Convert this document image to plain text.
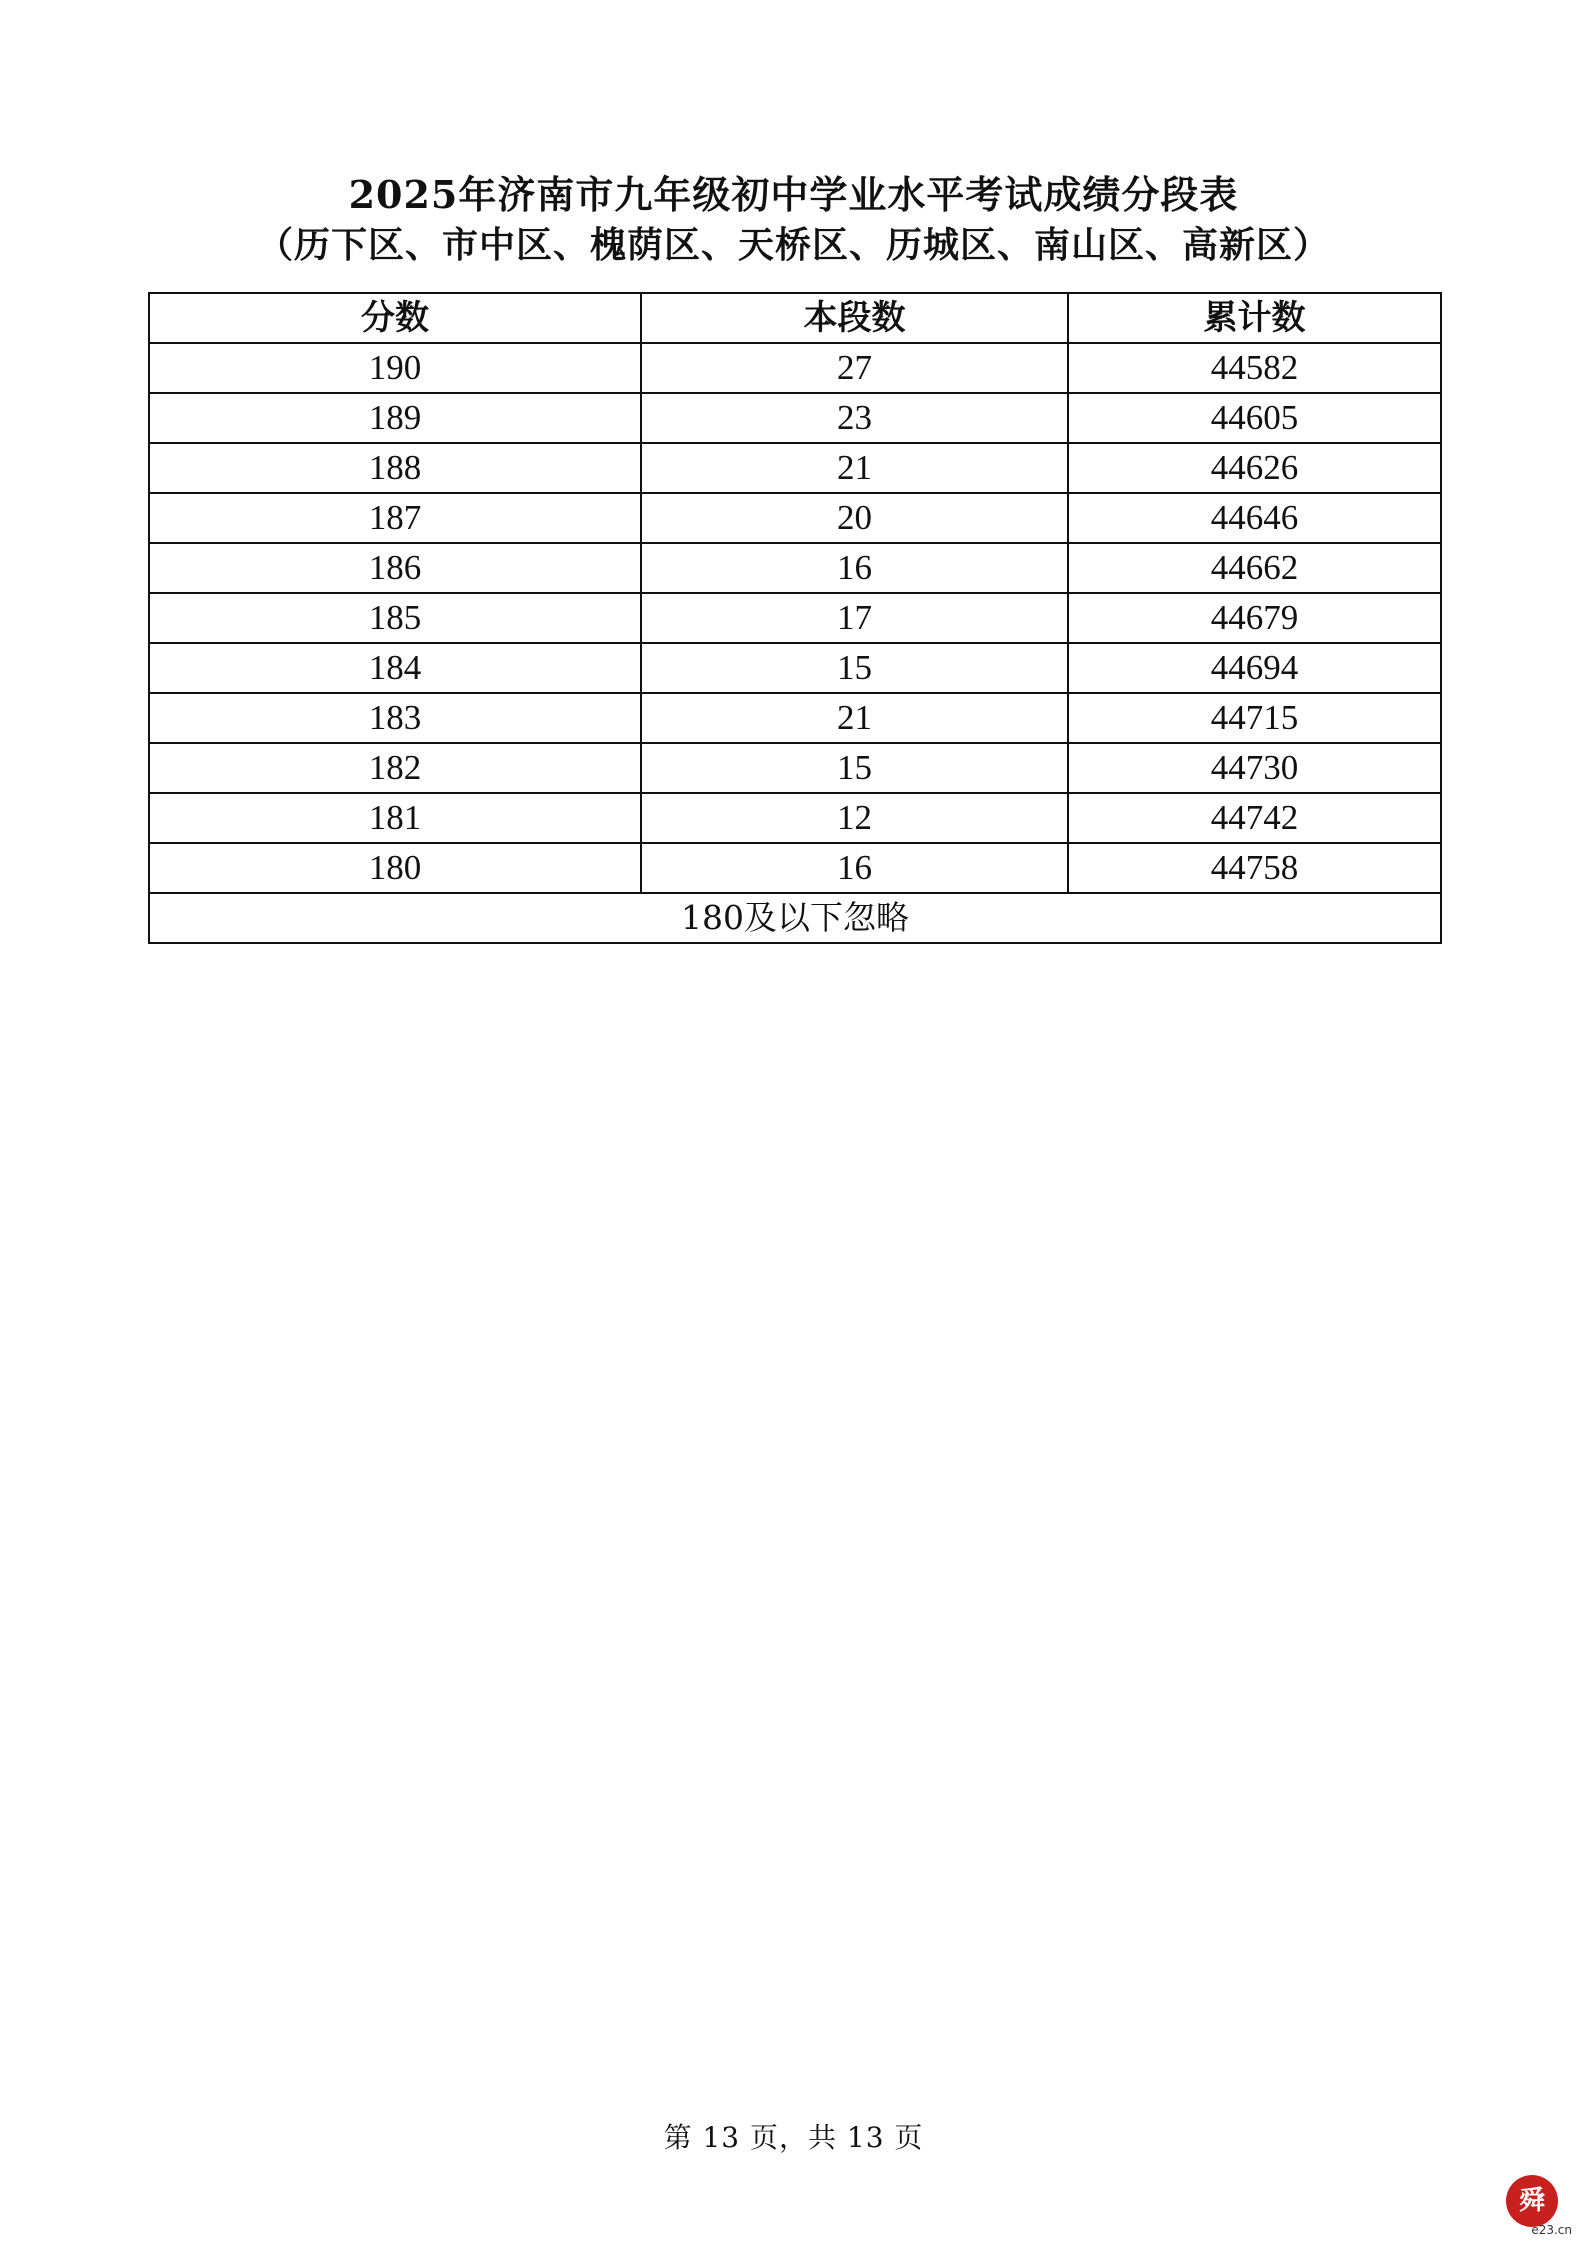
2025年济南市九年级初中学业水平考试成绩分段表
（历下区、市中区、槐荫区、天桥区、历城区、南山区、高新区）
分数	本段数	累计数
190	27	44582
189	23	44605
188	21	44626
187	20	44646
186	16	44662
185	17	44679
184	15	44694
183	21	44715
182	15	44730
181	12	44742
180	16	44758
180及以下忽略		
第 13 页，共 13 页
舜
e23.cn
